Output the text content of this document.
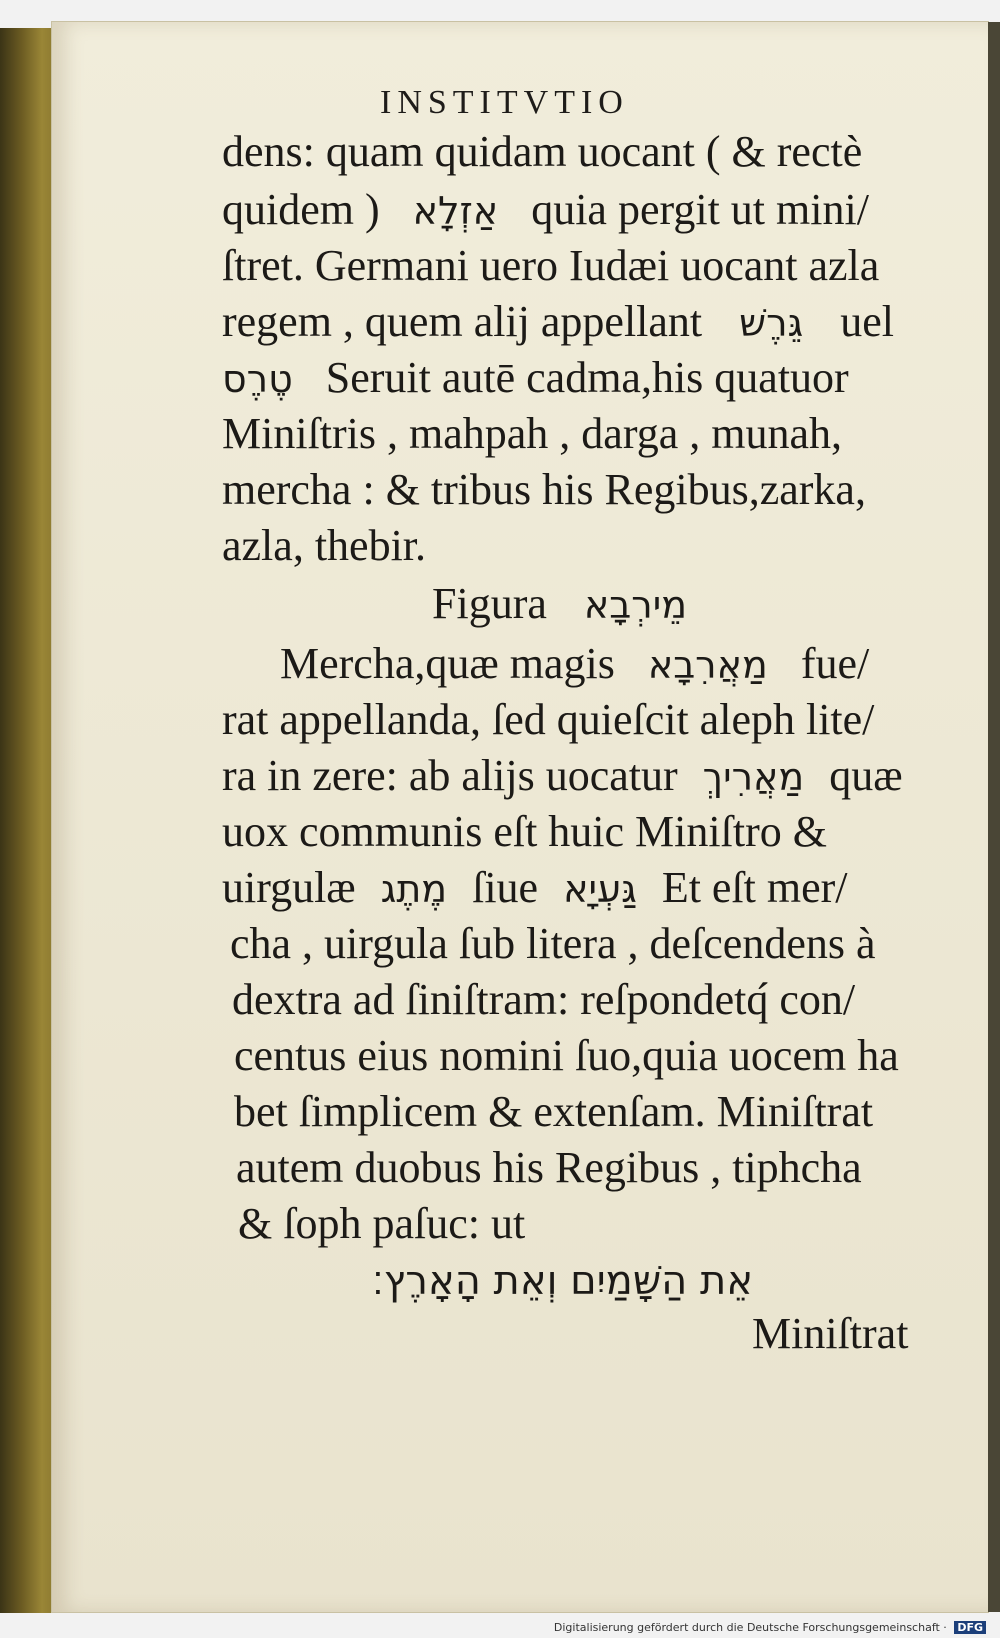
INSTITVTIO
dens: quam quidam uocant ( & rectè
quidem ) אַזְלָא quia pergit ut mini/
ſtret. Germani uero Iudæi uocant azla
regem , quem alij appellant גֵּרֶשׁ uel
טֶרֶס Seruit autē cadma,his quatuor
Miniſtris , mahpah , darga , munah,
mercha : & tribus his Regibus,zarka,
azla, thebir.
Figura מֵירְבָא
Mercha,quæ magis מַאֲרִבָא fue/
rat appellanda, ſed quieſcit aleph lite/
ra in zere: ab alijs uocatur מַאֲרִיךְ quæ
uox communis eſt huic Miniſtro &
uirgulæ מֶתֶג ſiue גַּעְיָא Et eſt mer/
cha , uirgula ſub litera , deſcendens à
dextra ad ſiniſtram: reſpondetq́ con/
centus eius nomini ſuo,quia uocem ha
bet ſimplicem & extenſam. Miniſtrat
autem duobus his Regibus , tiphcha
& ſoph paſuc: ut
אֵת הַשָּׁמַיִם וְאֵת הָאָרֶץ׃
Miniſtrat
Digitalisierung gefördert durch die Deutsche Forschungsgemeinschaft · DFG
